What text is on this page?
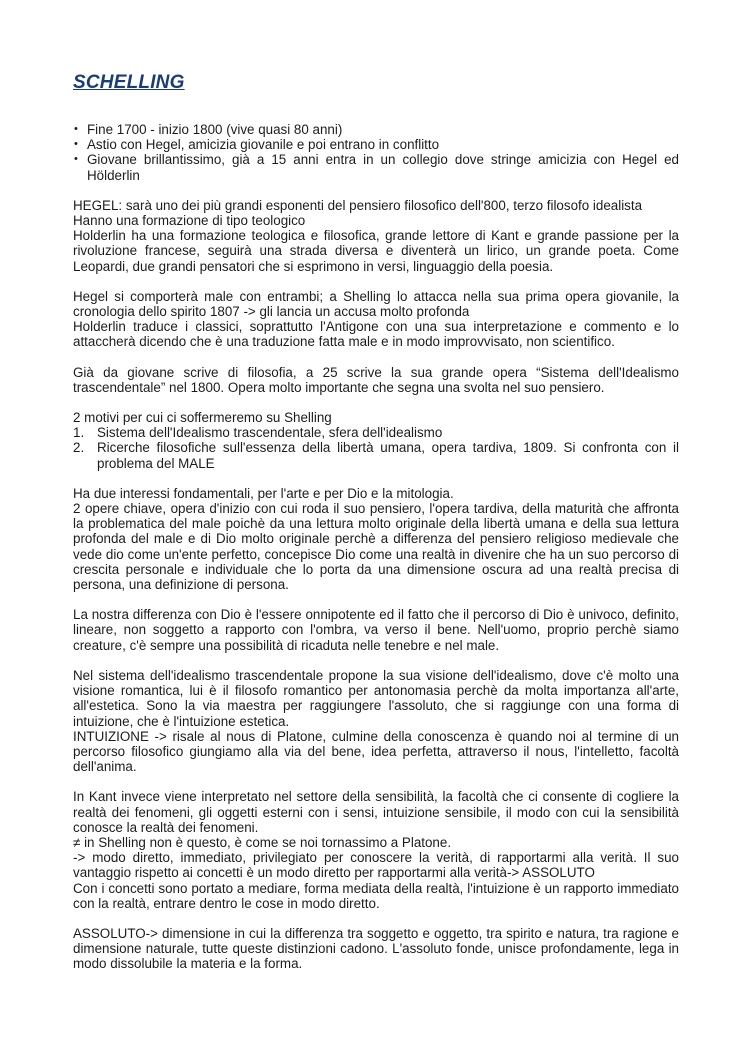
SCHELLING
• Fine 1700 - inizio 1800 (vive quasi 80 anni)
• Astio con Hegel, amicizia giovanile e poi entrano in conflitto
• Giovane brillantissimo, già a 15 anni entra in un collegio dove stringe amicizia con Hegel ed Hölderlin

HEGEL: sarà uno dei più grandi esponenti del pensiero filosofico dell'800, terzo filosofo idealista

Hanno una formazione di tipo teologico

Holderlin ha una formazione teologica e filosofica, grande lettore di Kant e grande passione per la rivoluzione francese, seguirà una strada diversa e diventerà un lirico, un grande poeta. Come Leopardi, due grandi pensatori che si esprimono in versi, linguaggio della poesia.

Hegel si comporterà male con entrambi; a Shelling lo attacca nella sua prima opera giovanile, la cronologia dello spirito 1807 -> gli lancia un accusa molto profonda

Holderlin traduce i classici, soprattutto l'Antigone con una sua interpretazione e commento e lo attaccherà dicendo che è una traduzione fatta male e in modo improvvisato, non scientifico.

Già da giovane scrive di filosofia, a 25 scrive la sua grande opera “Sistema dell'Idealismo trascendentale” nel 1800. Opera molto importante che segna una svolta nel suo pensiero.

2 motivi per cui ci soffermeremo su Shelling

1. Sistema dell'Idealismo trascendentale, sfera dell'idealismo
2. Ricerche filosofiche sull'essenza della libertà umana, opera tardiva, 1809. Si confronta con il problema del MALE

Ha due interessi fondamentali, per l'arte e per Dio e la mitologia.

2 opere chiave, opera d'inizio con cui roda il suo pensiero, l'opera tardiva, della maturità che affronta la problematica del male poichè da una lettura molto originale della libertà umana e della sua lettura profonda del male e di Dio molto originale perchè a differenza del pensiero religioso medievale che vede dio come un'ente perfetto, concepisce Dio come una realtà in divenire che ha un suo percorso di crescita personale e individuale che lo porta da una dimensione oscura ad una realtà precisa di persona, una definizione di persona.

La nostra differenza con Dio è l'essere onnipotente ed il fatto che il percorso di Dio è univoco, definito, lineare, non soggetto a rapporto con l'ombra, va verso il bene. Nell'uomo, proprio perchè siamo creature, c'è sempre una possibilità di ricaduta nelle tenebre e nel male.

Nel sistema dell'idealismo trascendentale propone la sua visione dell'idealismo, dove c'è molto una visione romantica, lui è il filosofo romantico per antonomasia perchè da molta importanza all'arte, all'estetica. Sono la via maestra per raggiungere l'assoluto, che si raggiunge con una forma di intuizione, che è l'intuizione estetica.

INTUIZIONE -> risale al nous di Platone, culmine della conoscenza è quando noi al termine di un percorso filosofico giungiamo alla via del bene, idea perfetta, attraverso il nous, l'intelletto, facoltà dell'anima.

In Kant invece viene interpretato nel settore della sensibilità, la facoltà che ci consente di cogliere la realtà dei fenomeni, gli oggetti esterni con i sensi, intuizione sensibile, il modo con cui la sensibilità conosce la realtà dei fenomeni.

≠ in Shelling non è questo, è come se noi tornassimo a Platone.

-> modo diretto, immediato, privilegiato per conoscere la verità, di rapportarmi alla verità. Il suo vantaggio rispetto ai concetti è un modo diretto per rapportarmi alla verità-> ASSOLUTO

Con i concetti sono portato a mediare, forma mediata della realtà, l'intuizione è un rapporto immediato con la realtà, entrare dentro le cose in modo diretto.

ASSOLUTO-> dimensione in cui la differenza tra soggetto e oggetto, tra spirito e natura, tra ragione e dimensione naturale, tutte queste distinzioni cadono. L'assoluto fonde, unisce profondamente, lega in modo dissolubile la materia e la forma.
